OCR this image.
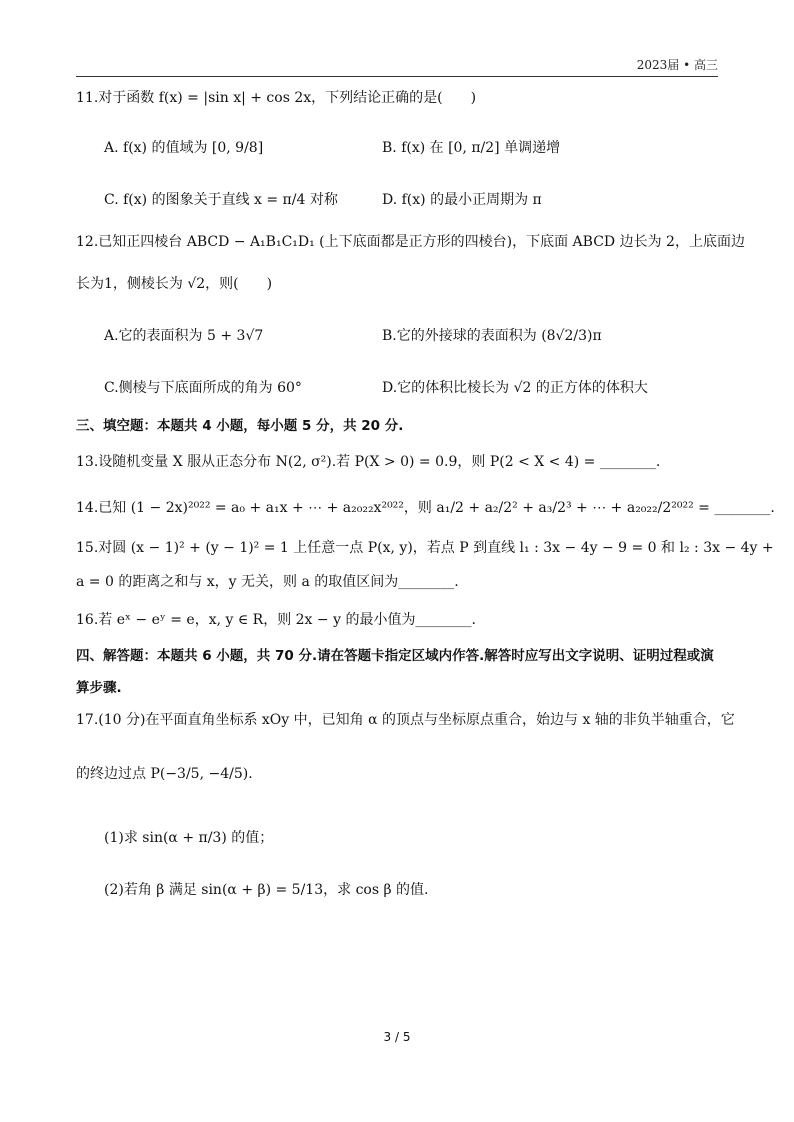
2023届 • 高三
11.对于函数 f(x) = |sin x| + cos 2x，下列结论正确的是(　　)
A. f(x) 的值域为 [0, 9/8]	B. f(x) 在 [0, π/2] 单调递增
C. f(x) 的图象关于直线 x = π/4 对称	D. f(x) 的最小正周期为 π
12.已知正四棱台 ABCD − A₁B₁C₁D₁ (上下底面都是正方形的四棱台)，下底面 ABCD 边长为 2，上底面边
长为1，侧棱长为 √2，则(　　)
A.它的表面积为 5 + 3√7	B.它的外接球的表面积为 (8√2/3)π
C.侧棱与下底面所成的角为 60°	D.它的体积比棱长为 √2 的正方体的体积大
三、填空题：本题共 4 小题，每小题 5 分，共 20 分.
13.设随机变量 X 服从正态分布 N(2, σ²).若 P(X > 0) = 0.9，则 P(2 < X < 4) = ________.
14.已知 (1 − 2x)²⁰²² = a₀ + a₁x + ⋯ + a₂₀₂₂x²⁰²²，则 a₁/2 + a₂/2² + a₃/2³ + ⋯ + a₂₀₂₂/2²⁰²² = ________.
15.对圆 (x − 1)² + (y − 1)² = 1 上任意一点 P(x, y)，若点 P 到直线 l₁ : 3x − 4y − 9 = 0 和 l₂ : 3x − 4y +
a = 0 的距离之和与 x，y 无关，则 a 的取值区间为________.
16.若 eˣ − eʸ = e，x, y ∈ R，则 2x − y 的最小值为________.
四、解答题：本题共 6 小题，共 70 分.请在答题卡指定区域内作答.解答时应写出文字说明、证明过程或演
算步骤.
17.(10 分)在平面直角坐标系 xOy 中，已知角 α 的顶点与坐标原点重合，始边与 x 轴的非负半轴重合，它
的终边过点 P(−3/5, −4/5).
(1)求 sin(α + π/3) 的值；
(2)若角 β 满足 sin(α + β) = 5/13，求 cos β 的值.
3 / 5
